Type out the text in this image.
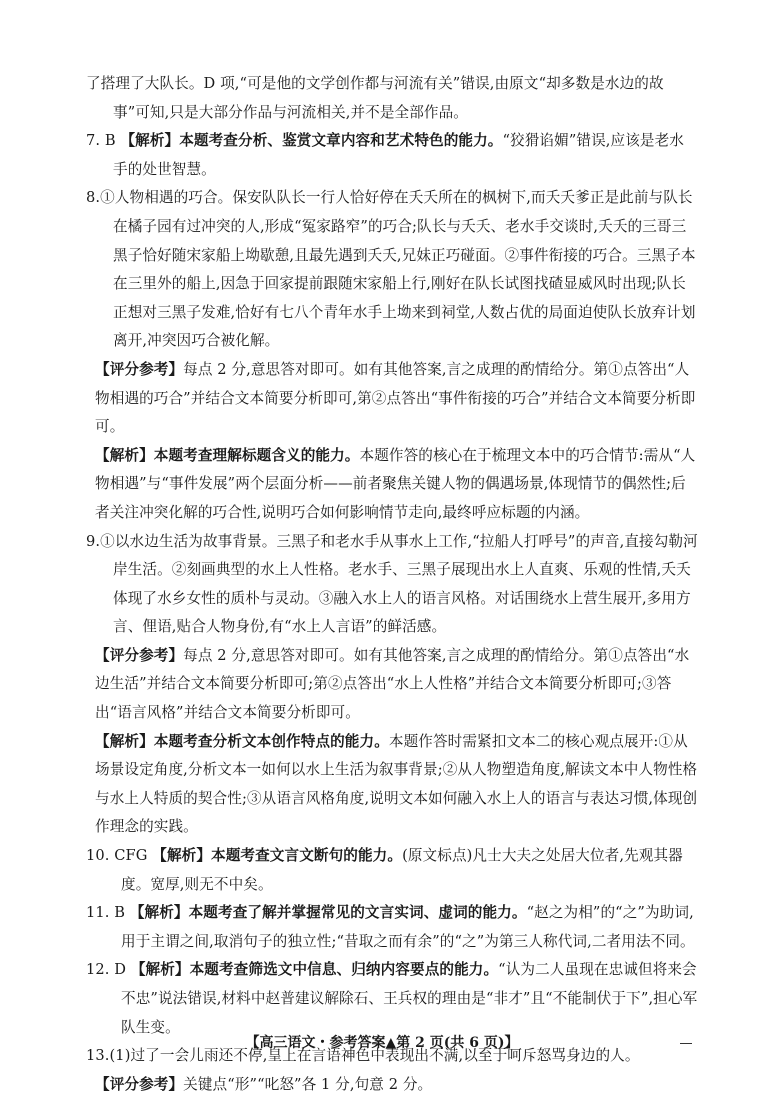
了搭理了大队长。D 项,“可是他的文学创作都与河流有关”错误,由原文“却多数是水边的故事”可知,只是大部分作品与河流相关,并不是全部作品。

7. B 【解析】本题考查分析、鉴赏文章内容和艺术特色的能力。“狡猾谄媚”错误,应该是老水手的处世智慧。

8.①人物相遇的巧合。保安队队长一行人恰好停在夭夭所在的枫树下,而夭夭爹正是此前与队长在橘子园有过冲突的人,形成“冤家路窄”的巧合;队长与夭夭、老水手交谈时,夭夭的三哥三黑子恰好随宋家船上坳歇憩,且最先遇到夭夭,兄妹正巧碰面。②事件衔接的巧合。三黑子本在三里外的船上,因急于回家提前跟随宋家船上行,刚好在队长试图找碴显威风时出现;队长正想对三黑子发难,恰好有七八个青年水手上坳来到祠堂,人数占优的局面迫使队长放弃计划离开,冲突因巧合被化解。

【评分参考】每点 2 分,意思答对即可。如有其他答案,言之成理的酌情给分。第①点答出“人物相遇的巧合”并结合文本简要分析即可,第②点答出“事件衔接的巧合”并结合文本简要分析即可。

【解析】本题考查理解标题含义的能力。本题作答的核心在于梳理文本中的巧合情节:需从“人物相遇”与“事件发展”两个层面分析——前者聚焦关键人物的偶遇场景,体现情节的偶然性;后者关注冲突化解的巧合性,说明巧合如何影响情节走向,最终呼应标题的内涵。

9.①以水边生活为故事背景。三黑子和老水手从事水上工作,“拉船人打呼号”的声音,直接勾勒河岸生活。②刻画典型的水上人性格。老水手、三黑子展现出水上人直爽、乐观的性情,夭夭体现了水乡女性的质朴与灵动。③融入水上人的语言风格。对话围绕水上营生展开,多用方言、俚语,贴合人物身份,有“水上人言语”的鲜活感。

【评分参考】每点 2 分,意思答对即可。如有其他答案,言之成理的酌情给分。第①点答出“水边生活”并结合文本简要分析即可;第②点答出“水上人性格”并结合文本简要分析即可;③答出“语言风格”并结合文本简要分析即可。

【解析】本题考查分析文本创作特点的能力。本题作答时需紧扣文本二的核心观点展开:①从场景设定角度,分析文本一如何以水上生活为叙事背景;②从人物塑造角度,解读文本中人物性格与水上人特质的契合性;③从语言风格角度,说明文本如何融入水上人的语言与表达习惯,体现创作理念的实践。

10. CFG 【解析】本题考查文言文断句的能力。(原文标点)凡士大夫之处居大位者,先观其器度。宽厚,则无不中矣。

11. B 【解析】本题考查了解并掌握常见的文言实词、虚词的能力。“赵之为相”的“之”为助词,用于主谓之间,取消句子的独立性;“昔取之而有余”的“之”为第三人称代词,二者用法不同。

12. D 【解析】本题考查筛选文中信息、归纳内容要点的能力。“认为二人虽现在忠诚但将来会不忠”说法错误,材料中赵普建议解除石、王兵权的理由是“非才”且“不能制伏于下”,担心军队生变。

13.(1)过了一会儿雨还不停,皇上在言语神色中表现出不满,以至于呵斥怒骂身边的人。

【评分参考】关键点“形”“叱怒”各 1 分,句意 2 分。

【高三语文・参考答案▲第 2 页(共 6 页)】
